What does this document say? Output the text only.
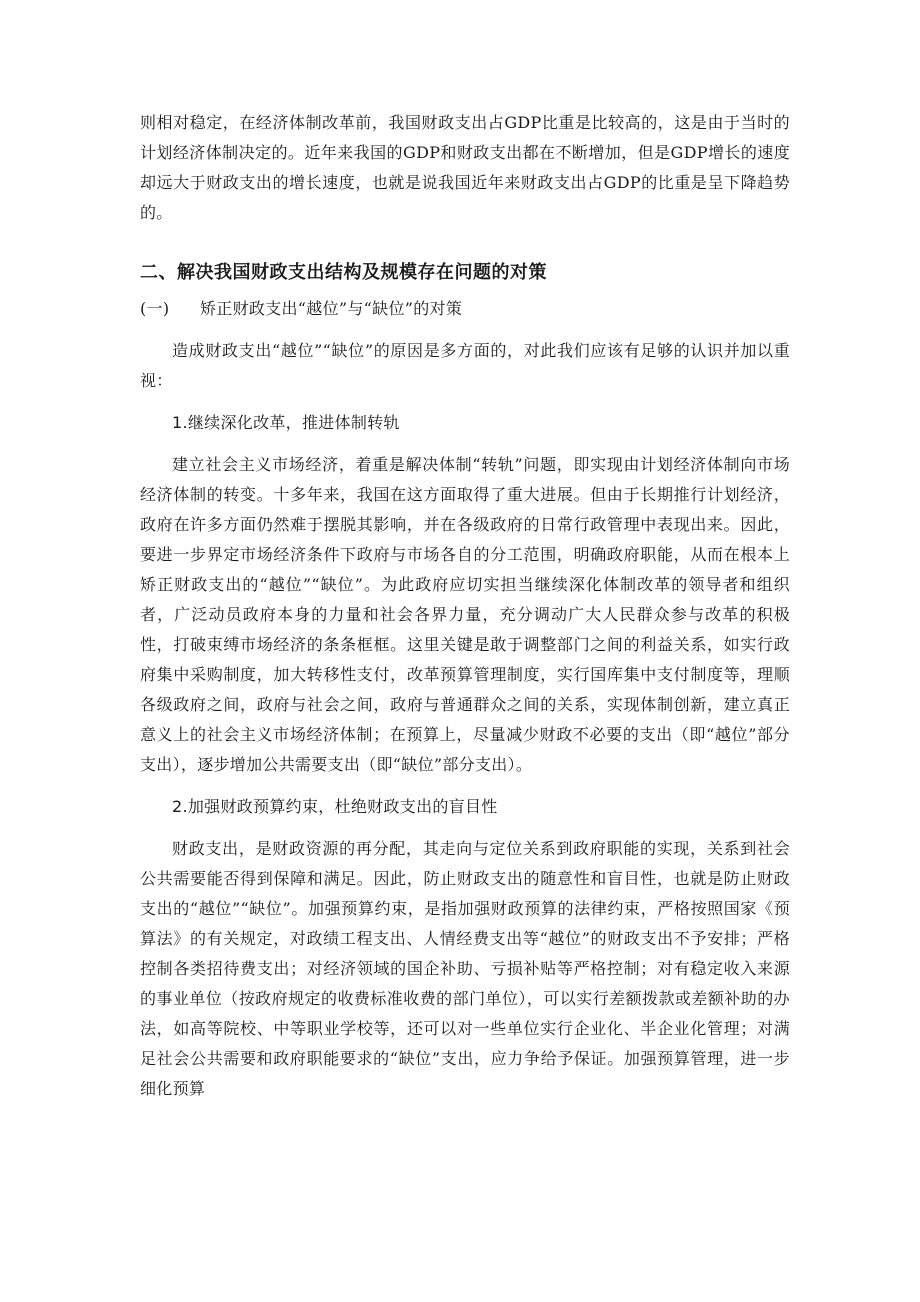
则相对稳定，在经济体制改革前，我国财政支出占GDP比重是比较高的，这是由于当时的计划经济体制决定的。近年来我国的GDP和财政支出都在不断增加，但是GDP增长的速度却远大于财政支出的增长速度，也就是说我国近年来财政支出占GDP的比重是呈下降趋势的。

二、解决我国财政支出结构及规模存在问题的对策

(一) 矫正财政支出“越位”与“缺位”的对策

造成财政支出“越位”“缺位”的原因是多方面的，对此我们应该有足够的认识并加以重视：

1.继续深化改革，推进体制转轨

建立社会主义市场经济，着重是解决体制“转轨”问题，即实现由计划经济体制向市场经济体制的转变。十多年来，我国在这方面取得了重大进展。但由于长期推行计划经济，政府在许多方面仍然难于摆脱其影响，并在各级政府的日常行政管理中表现出来。因此，要进一步界定市场经济条件下政府与市场各自的分工范围，明确政府职能，从而在根本上矫正财政支出的“越位”“缺位”。为此政府应切实担当继续深化体制改革的领导者和组织者，广泛动员政府本身的力量和社会各界力量，充分调动广大人民群众参与改革的积极性，打破束缚市场经济的条条框框。这里关键是敢于调整部门之间的利益关系，如实行政府集中采购制度，加大转移性支付，改革预算管理制度，实行国库集中支付制度等，理顺各级政府之间，政府与社会之间，政府与普通群众之间的关系，实现体制创新，建立真正意义上的社会主义市场经济体制；在预算上，尽量减少财政不必要的支出（即“越位”部分支出），逐步增加公共需要支出（即“缺位”部分支出）。

2.加强财政预算约束，杜绝财政支出的盲目性

财政支出，是财政资源的再分配，其走向与定位关系到政府职能的实现，关系到社会公共需要能否得到保障和满足。因此，防止财政支出的随意性和盲目性，也就是防止财政支出的“越位”“缺位”。加强预算约束，是指加强财政预算的法律约束，严格按照国家《预算法》的有关规定，对政绩工程支出、人情经费支出等“越位”的财政支出不予安排；严格控制各类招待费支出；对经济领域的国企补助、亏损补贴等严格控制；对有稳定收入来源的事业单位（按政府规定的收费标准收费的部门单位），可以实行差额拨款或差额补助的办法，如高等院校、中等职业学校等，还可以对一些单位实行企业化、半企业化管理；对满足社会公共需要和政府职能要求的“缺位”支出，应力争给予保证。加强预算管理，进一步细化预算
